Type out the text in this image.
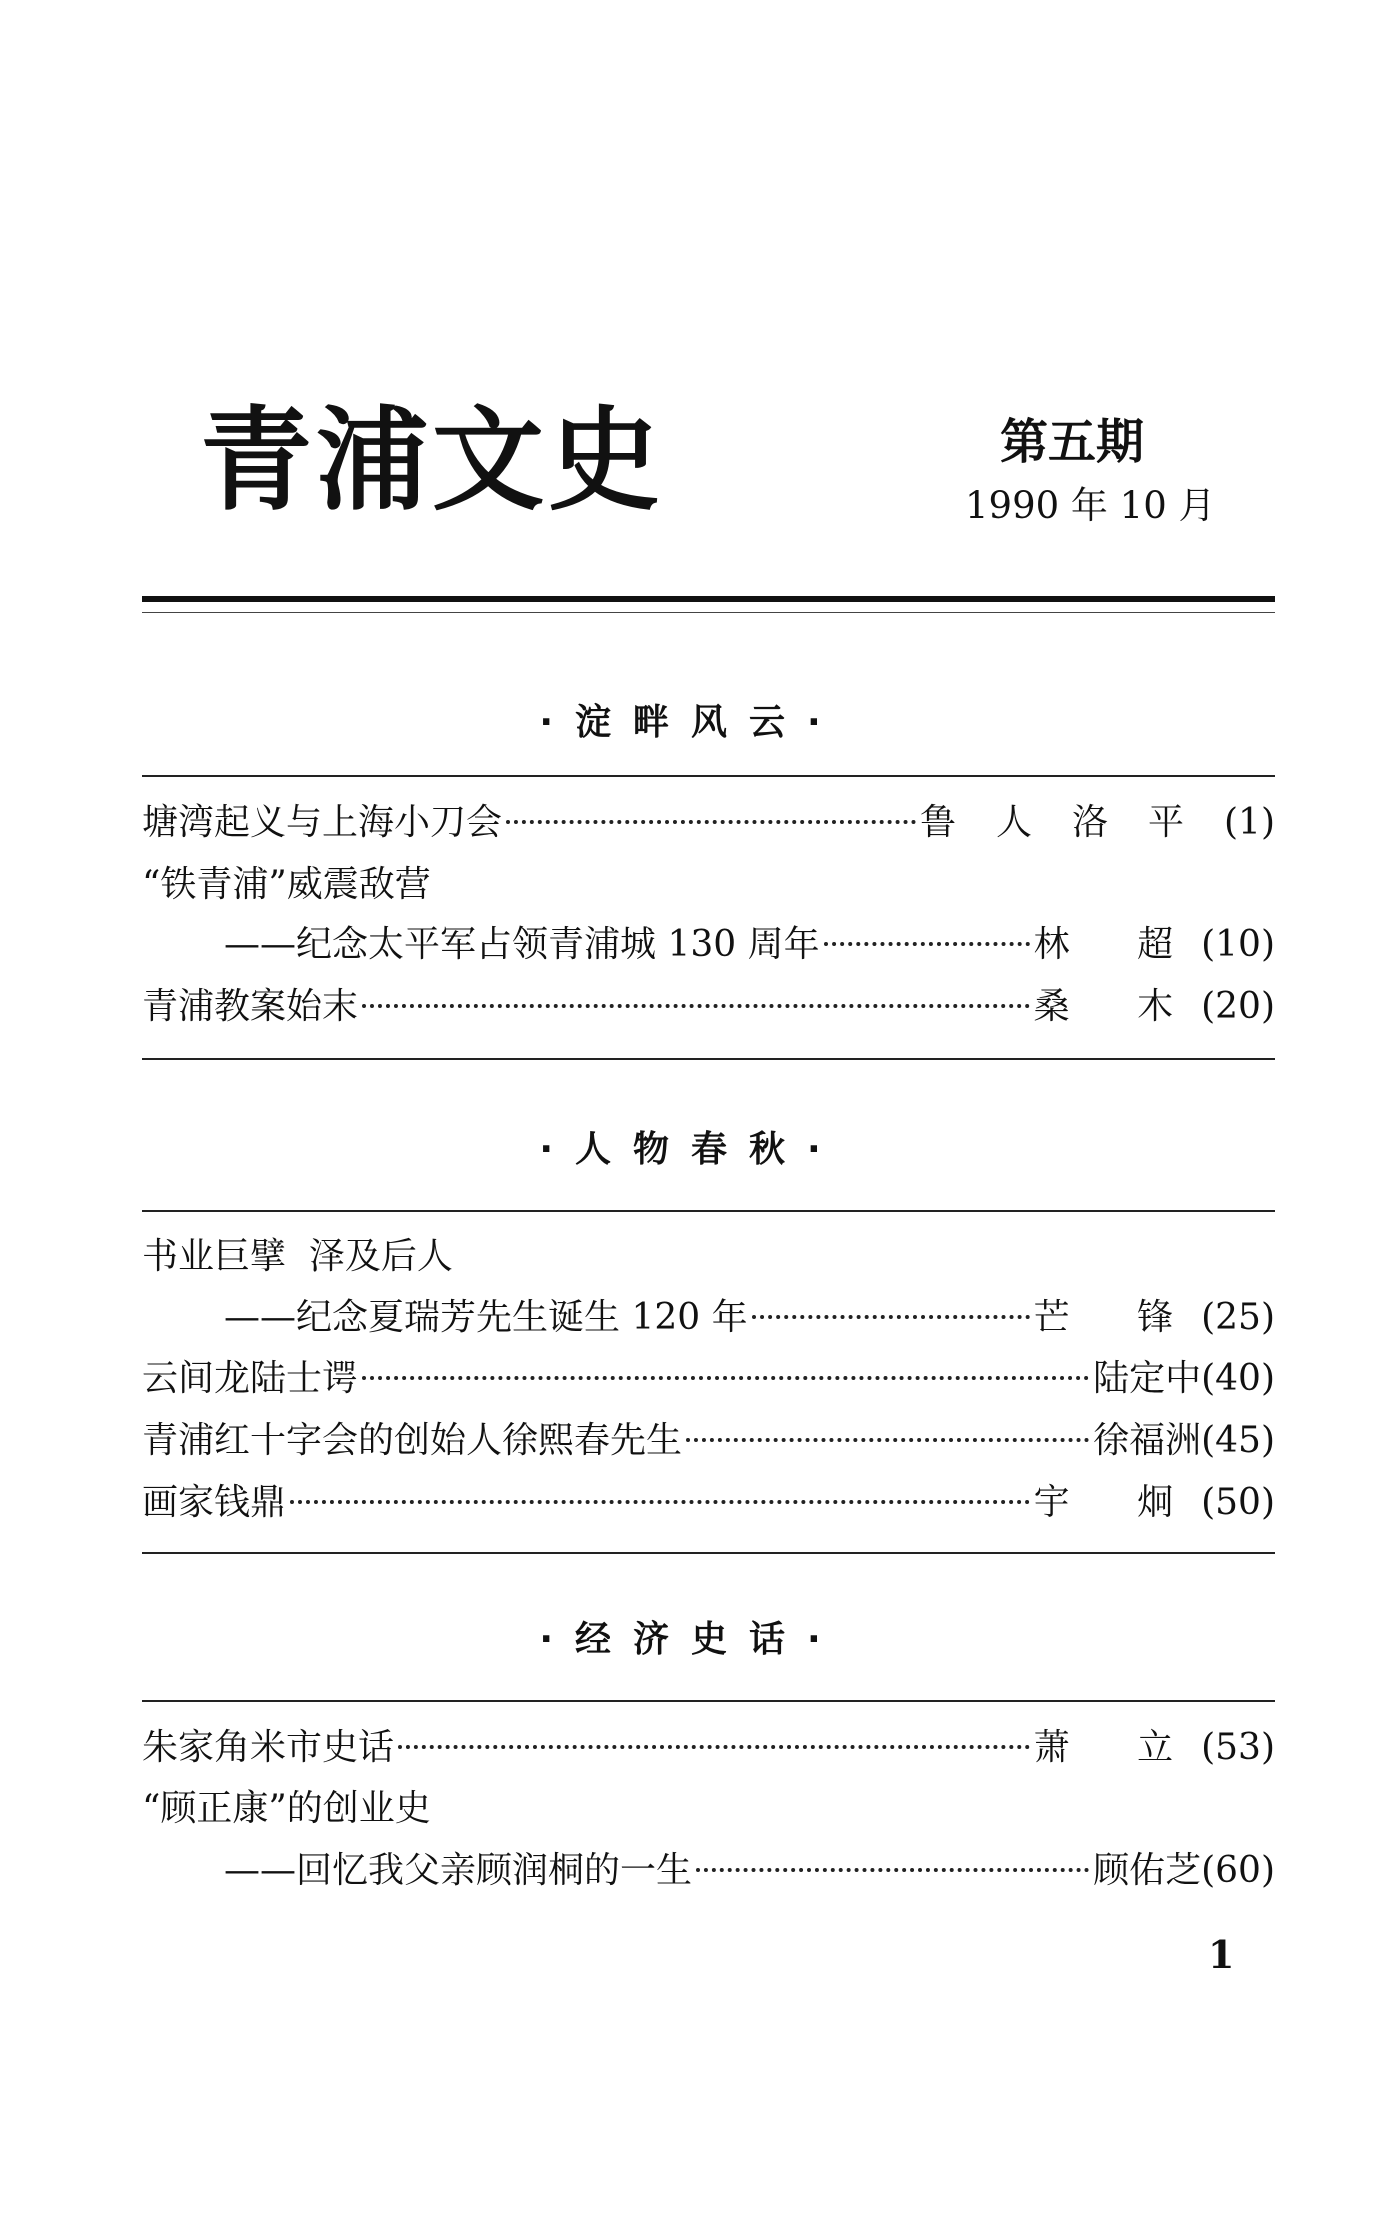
青浦文史	第五期
1990 年 10 月
·淀畔风云·
塘湾起义与上海小刀会	鲁人洛平 (1)
“铁青浦”威震敌营
——纪念太平军占领青浦城 130 周年	林 超 (10)
青浦教案始末	桑 木 (20)
·人物春秋·
书业巨擘  泽及后人
——纪念夏瑞芳先生诞生 120 年	芒 锋 (25)
云间龙陆士谔	陆定中 (40)
青浦红十字会的创始人徐熙春先生	徐福洲 (45)
画家钱鼎	宇 炯 (50)
·经济史话·
朱家角米市史话	萧 立 (53)
“顾正康”的创业史
——回忆我父亲顾润桐的一生	顾佑芝 (60)
1
